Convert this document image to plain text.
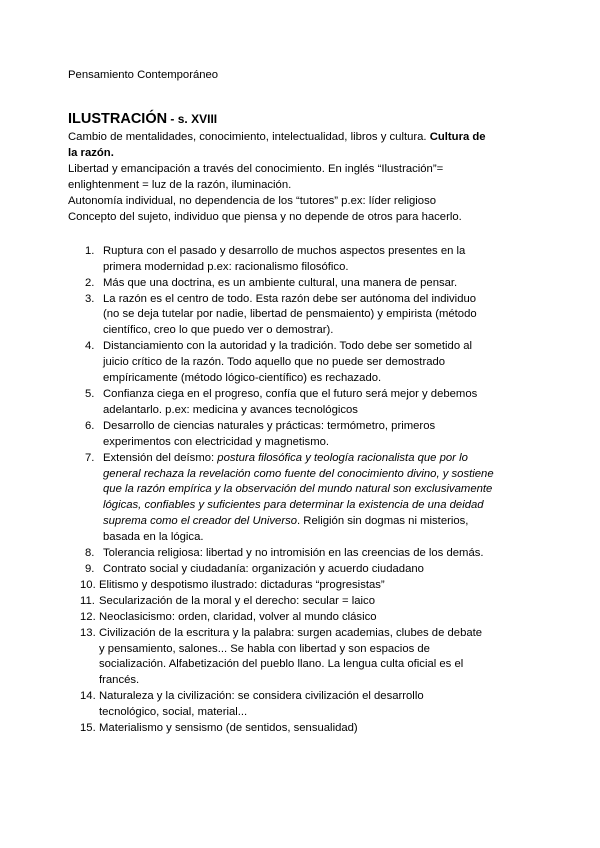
Pensamiento Contemporáneo

ILUSTRACIÓN - s. XVIII
Cambio de mentalidades, conocimiento, intelectualidad, libros y cultura. Cultura de
la razón.
Libertad y emancipación a través del conocimiento. En inglés “Ilustración”=
enlightenment = luz de la razón, iluminación.
Autonomía individual, no dependencia de los “tutores” p.ex: líder religioso
Concepto del sujeto, individuo que piensa y no depende de otros para hacerlo.
1. Ruptura con el pasado y desarrollo de muchos aspectos presentes en la
primera modernidad p.ex: racionalismo filosófico.
2. Más que una doctrina, es un ambiente cultural, una manera de pensar.
3. La razón es el centro de todo. Esta razón debe ser autónoma del individuo
(no se deja tutelar por nadie, libertad de pensmaiento) y empirista (método
científico, creo lo que puedo ver o demostrar).
4. Distanciamiento con la autoridad y la tradición. Todo debe ser sometido al
juicio crítico de la razón. Todo aquello que no puede ser demostrado
empíricamente (método lógico-científico) es rechazado.
5. Confianza ciega en el progreso, confía que el futuro será mejor y debemos
adelantarlo. p.ex: medicina y avances tecnológicos
6. Desarrollo de ciencias naturales y prácticas: termómetro, primeros
experimentos con electricidad y magnetismo.
7. Extensión del deísmo: postura filosófica y teología racionalista que por lo
general rechaza la revelación como fuente del conocimiento divino, y sostiene
que la razón empírica y la observación del mundo natural son exclusivamente
lógicas, confiables y suficientes para determinar la existencia de una deidad
suprema como el creador del Universo. Religión sin dogmas ni misterios,
basada en la lógica.
8. Tolerancia religiosa: libertad y no intromisión en las creencias de los demás.
9. Contrato social y ciudadanía: organización y acuerdo ciudadano
10. Elitismo y despotismo ilustrado: dictaduras “progresistas”
11. Secularización de la moral y el derecho: secular = laico
12. Neoclasicismo: orden, claridad, volver al mundo clásico
13. Civilización de la escritura y la palabra: surgen academias, clubes de debate
y pensamiento, salones... Se habla con libertad y son espacios de
socialización. Alfabetización del pueblo llano. La lengua culta oficial es el
francés.
14. Naturaleza y la civilización: se considera civilización el desarrollo
tecnológico, social, material...
15. Materialismo y sensismo (de sentidos, sensualidad)
